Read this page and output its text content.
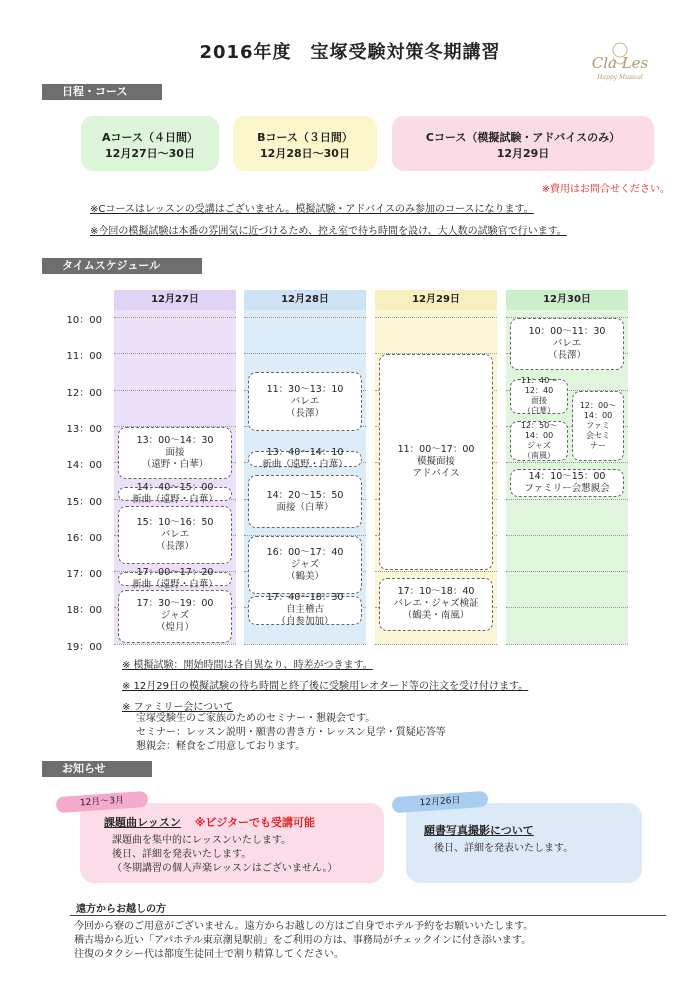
2016年度　宝塚受験対策冬期講習	Cla Les
Happy Musical
日程・コース
Aコース（４日間）
12月27日〜30日
Bコース（３日間）
12月28日〜30日
Cコース（模擬試験・アドバイスのみ）
12月29日
※費用はお問合せください。
※Cコースはレッスンの受講はございません。模擬試験・アドバイスのみ参加のコースになります。
※今回の模擬試験は本番の雰囲気に近づけるため、控え室で待ち時間を設け、大人数の試験官で行います。
タイムスケジュール
10：00
11：00
12：00
13：00
14：00
15：00
16：00
17：00
18：00
19：00
12月27日
13：00〜14：30
面接
（遠野・白華）
14：40〜15：00
新曲（遠野・白華）
15：10〜16：50
バレエ
（長澤）
17：00〜17：20
新曲（遠野・白華）
17：30〜19：00
ジャズ
（煌月）
12月28日
11：30〜13：10
バレエ
（長澤）
13：40〜14：10
新曲（遠野・白華）
14：20〜15：50
面接（白華）
16：00〜17：40
ジャズ
（鶴美）
17：40〜18：30
自主稽古
（自参加加）
12月29日
11：00〜17：00
模擬面接
アドバイス
17：10〜18：40
バレエ・ジャズ検証
（鶴美・南風）
12月30日
10：00〜11：30
バレエ
（長澤）
11：40〜
12：40
面接
（白華）
12：50〜
14：00
ジャズ
（南風）
12：00〜
14：00
ファミ
会セミ
ナー
14：10〜15：00
ファミリー会懇親会
※ 模擬試験：開始時間は各自異なり、時差がつきます。
※ 12月29日の模擬試験の待ち時間と終了後に受験用レオタード等の注文を受け付けます。
※ ファミリー会について
宝塚受験生のご家族のためのセミナー・懇親会です。
セミナー：レッスン説明・願書の書き方・レッスン見学・質疑応答等
懇親会：軽食をご用意しております。
お知らせ
12月〜3月
課題曲レッスン ※ビジターでも受講可能
課題曲を集中的にレッスンいたします。
後日、詳細を発表いたします。
（冬期講習の個人声楽レッスンはございません。）
12月26日
願書写真撮影について
後日、詳細を発表いたします。
遠方からお越しの方
今回から寮のご用意がございません。遠方からお越しの方はご自身でホテル予約をお願いいたします。
稽古場から近い「アパホテル東京潮見駅前」をご利用の方は、事務局がチェックインに付き添います。
往復のタクシー代は都度生徒同士で割り精算してください。
